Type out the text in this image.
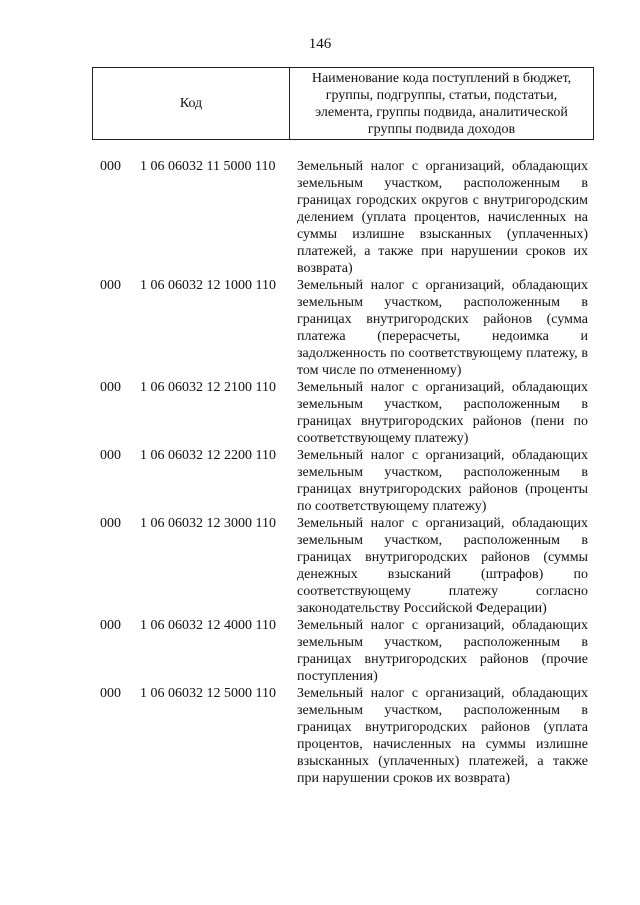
146
Код
Наименование кода поступлений в бюджет, группы, подгруппы, статьи, подстатьи, элемента, группы подвида, аналитической группы подвида доходов
000	1 06 06032 11 5000 110	Земельный налог с организаций, обладающих земельным участком, расположенным в границах городских округов с внутригородским делением (уплата процентов, начисленных на суммы излишне взысканных (уплаченных) платежей, а также при нарушении сроков их возврата)
000	1 06 06032 12 1000 110	Земельный налог с организаций, обладающих земельным участком, расположенным в границах внутригородских районов (сумма платежа (перерасчеты, недоимка и задолженность по соответствующему платежу, в том числе по отмененному)
000	1 06 06032 12 2100 110	Земельный налог с организаций, обладающих земельным участком, расположенным в границах внутригородских районов (пени по соответствующему платежу)
000	1 06 06032 12 2200 110	Земельный налог с организаций, обладающих земельным участком, расположенным в границах внутригородских районов (проценты по соответствующему платежу)
000	1 06 06032 12 3000 110	Земельный налог с организаций, обладающих земельным участком, расположенным в границах внутригородских районов (суммы денежных взысканий (штрафов) по соответствующему платежу согласно законодательству Российской Федерации)
000	1 06 06032 12 4000 110	Земельный налог с организаций, обладающих земельным участком, расположенным в границах внутригородских районов (прочие поступления)
000	1 06 06032 12 5000 110	Земельный налог с организаций, обладающих земельным участком, расположенным в границах внутригородских районов (уплата процентов, начисленных на суммы излишне взысканных (уплаченных) платежей, а также при нарушении сроков их возврата)
